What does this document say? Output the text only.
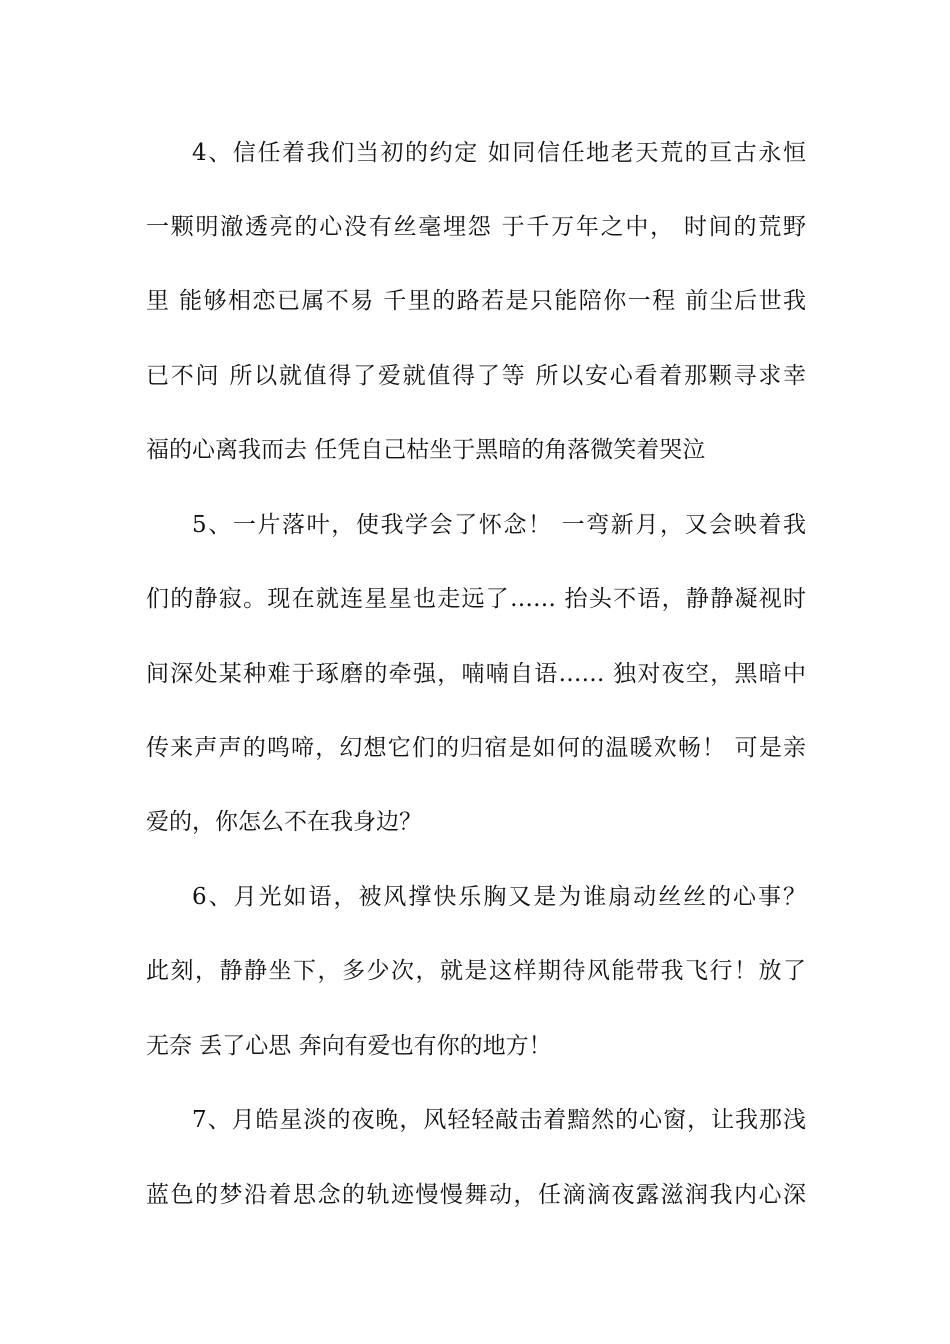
4、信任着我们当初的约定 如同信任地老天荒的亘古永恒
一颗明澈透亮的心没有丝毫埋怨 于千万年之中， 时间的荒野
里 能够相恋已属不易 千里的路若是只能陪你一程 前尘后世我
已不问 所以就值得了爱就值得了等 所以安心看着那颗寻求幸
福的心离我而去 任凭自己枯坐于黑暗的角落微笑着哭泣
5、一片落叶，使我学会了怀念！ 一弯新月，又会映着我
们的静寂。现在就连星星也走远了…… 抬头不语，静静凝视时
间深处某种难于琢磨的牵强，喃喃自语…… 独对夜空，黑暗中
传来声声的鸣啼，幻想它们的归宿是如何的温暖欢畅！ 可是亲
爱的，你怎么不在我身边？
6、月光如语，被风撑快乐胸又是为谁扇动丝丝的心事？
此刻，静静坐下，多少次，就是这样期待风能带我飞行！放了
无奈 丢了心思 奔向有爱也有你的地方！
7、月皓星淡的夜晚，风轻轻敲击着黯然的心窗，让我那浅
蓝色的梦沿着思念的轨迹慢慢舞动，任滴滴夜露滋润我内心深
